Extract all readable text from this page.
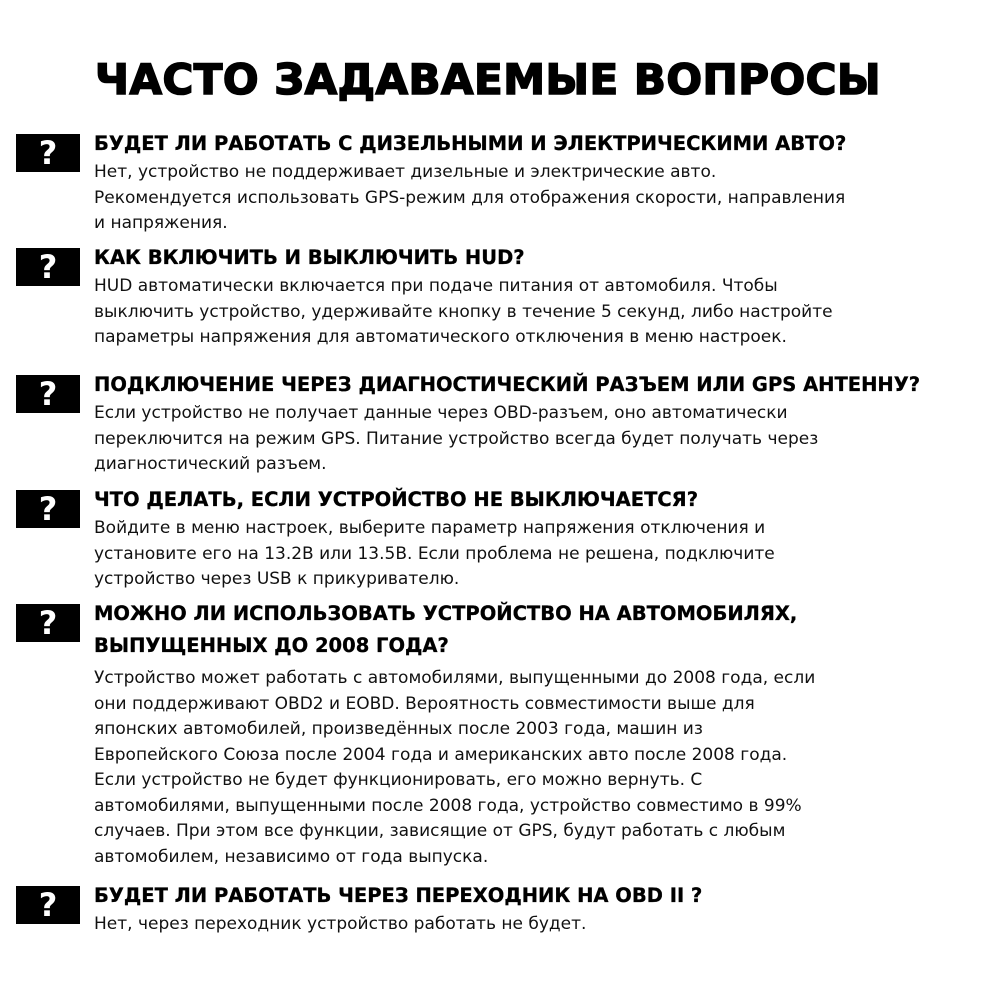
ЧАСТО ЗАДАВАЕМЫЕ ВОПРОСЫ
?	БУДЕТ ЛИ РАБОТАТЬ С ДИЗЕЛЬНЫМИ И ЭЛЕКТРИЧЕСКИМИ АВТО?

Нет, устройство не поддерживает дизельные и электрические авто.
Рекомендуется использовать GPS-режим для отображения скорости, направления
и напряжения.

?	КАК ВКЛЮЧИТЬ И ВЫКЛЮЧИТЬ HUD?

HUD автоматически включается при подаче питания от автомобиля. Чтобы
выключить устройство, удерживайте кнопку в течение 5 секунд, либо настройте
параметры напряжения для автоматического отключения в меню настроек.

?	ПОДКЛЮЧЕНИЕ ЧЕРЕЗ ДИАГНОСТИЧЕСКИЙ РАЗЪЕМ ИЛИ GPS АНТЕННУ?

Если устройство не получает данные через OBD-разъем, оно автоматически
переключится на режим GPS. Питание устройство всегда будет получать через
диагностический разъем.

?	ЧТО ДЕЛАТЬ, ЕСЛИ УСТРОЙСТВО НЕ ВЫКЛЮЧАЕТСЯ?

Войдите в меню настроек, выберите параметр напряжения отключения и
установите его на 13.2В или 13.5В. Если проблема не решена, подключите
устройство через USB к прикуривателю.

?	МОЖНО ЛИ ИСПОЛЬЗОВАТЬ УСТРОЙСТВО НА АВТОМОБИЛЯХ,
ВЫПУЩЕННЫХ ДО 2008 ГОДА?

Устройство может работать с автомобилями, выпущенными до 2008 года, если
они поддерживают OBD2 и EOBD. Вероятность совместимости выше для
японских автомобилей, произведённых после 2003 года, машин из
Европейского Союза после 2004 года и американских авто после 2008 года.
Если устройство не будет функционировать, его можно вернуть. С
автомобилями, выпущенными после 2008 года, устройство совместимо в 99%
случаев. При этом все функции, зависящие от GPS, будут работать с любым
автомобилем, независимо от года выпуска.

?	БУДЕТ ЛИ РАБОТАТЬ ЧЕРЕЗ ПЕРЕХОДНИК НА OBD II ?

Нет, через переходник устройство работать не будет.
